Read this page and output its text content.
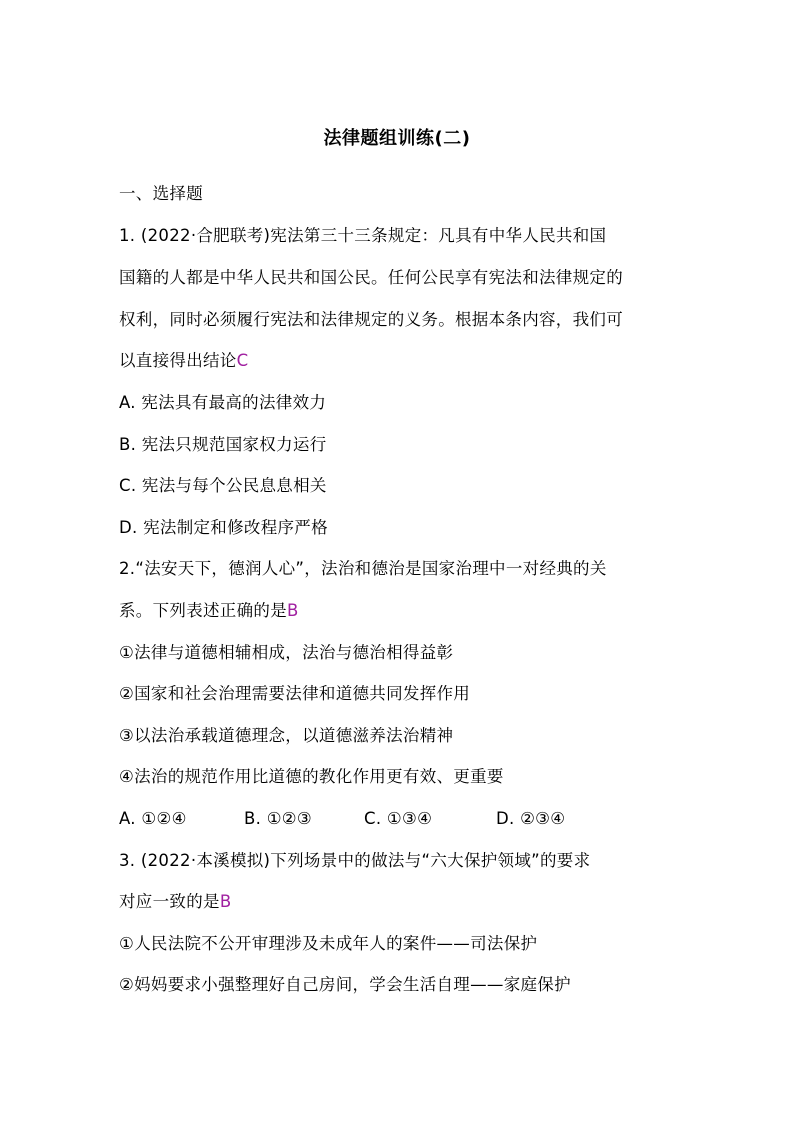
法律题组训练(二)
一、选择题
1. (2022·合肥联考)宪法第三十三条规定：凡具有中华人民共和国
国籍的人都是中华人民共和国公民。任何公民享有宪法和法律规定的
权利，同时必须履行宪法和法律规定的义务。根据本条内容，我们可
以直接得出结论C
A. 宪法具有最高的法律效力
B. 宪法只规范国家权力运行
C. 宪法与每个公民息息相关
D. 宪法制定和修改程序严格
2.“法安天下，德润人心”，法治和德治是国家治理中一对经典的关
系。下列表述正确的是B
①法律与道德相辅相成，法治与德治相得益彰
②国家和社会治理需要法律和道德共同发挥作用
③以法治承载道德理念，以道德滋养法治精神
④法治的规范作用比道德的教化作用更有效、更重要
A. ①②④	B. ①②③	C. ①③④	D. ②③④
3. (2022·本溪模拟)下列场景中的做法与“六大保护领域”的要求
对应一致的是B
①人民法院不公开审理涉及未成年人的案件——司法保护
②妈妈要求小强整理好自己房间，学会生活自理——家庭保护
